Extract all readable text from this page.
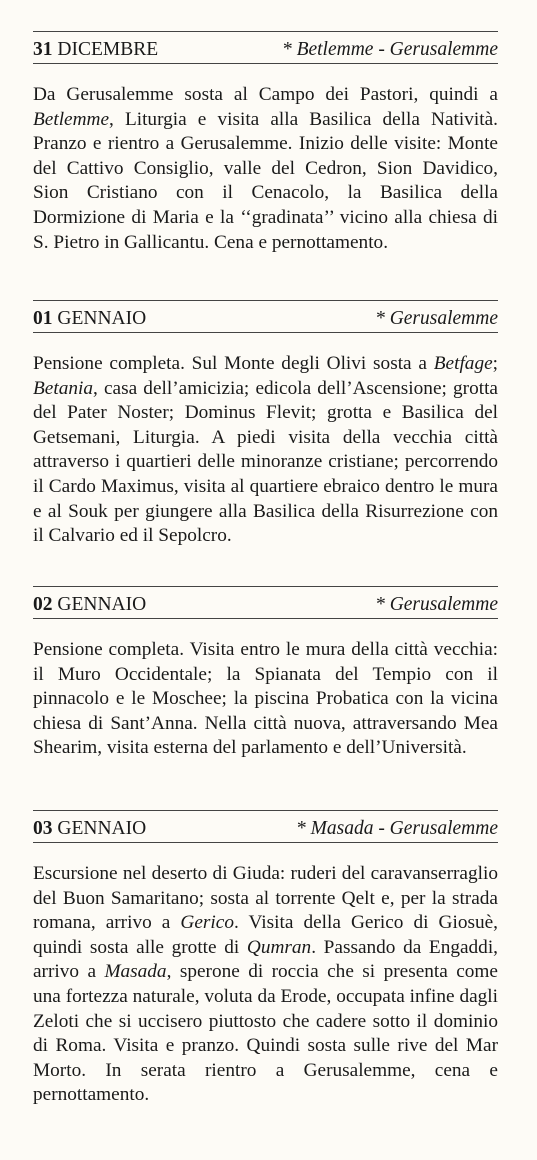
31 DICEMBRE	* Betlemme - Gerusalemme
Da Gerusalemme sosta al Campo dei Pastori, quindi a Betlemme, Liturgia e visita alla Basilica della Natività. Pranzo e rientro a Gerusalemme. Inizio delle visite: Monte del Cattivo Consiglio, valle del Cedron, Sion Davidico, Sion Cristiano con il Cenacolo, la Basilica della Dormizione di Maria e la ‘‘gradinata’’ vicino alla chiesa di S. Pietro in Gallicantu. Cena e pernottamento.
01 GENNAIO	* Gerusalemme
Pensione completa. Sul Monte degli Olivi sosta a Betfage; Betania, casa dell’amicizia; edicola dell’Ascensione; grotta del Pater Noster; Dominus Flevit; grotta e Basilica del Getsemani, Liturgia. A piedi visita della vecchia città attraverso i quartieri delle minoranze cristiane; percorrendo il Cardo Maximus, visita al quartiere ebraico dentro le mura e al Souk per giungere alla Basilica della Risurrezione con il Calvario ed il Sepolcro.
02 GENNAIO	* Gerusalemme
Pensione completa. Visita entro le mura della città vecchia: il Muro Occidentale; la Spianata del Tempio con il pinnacolo e le Moschee; la piscina Probatica con la vicina chiesa di Sant’Anna. Nella città nuova, attraversando Mea Shearim, visita esterna del parlamento e dell’Università.
03 GENNAIO	* Masada - Gerusalemme
Escursione nel deserto di Giuda: ruderi del caravanserraglio del Buon Samaritano; sosta al torrente Qelt e, per la strada romana, arrivo a Gerico. Visita della Gerico di Giosuè, quindi sosta alle grotte di Qumran. Passando da Engaddi, arrivo a Masada, sperone di roccia che si presenta come una fortezza naturale, voluta da Erode, occupata infine dagli Zeloti che si uccisero piuttosto che cadere sotto il dominio di Roma. Visita e pranzo. Quindi sosta sulle rive del Mar Morto. In serata rientro a Gerusalemme, cena e pernottamento.
